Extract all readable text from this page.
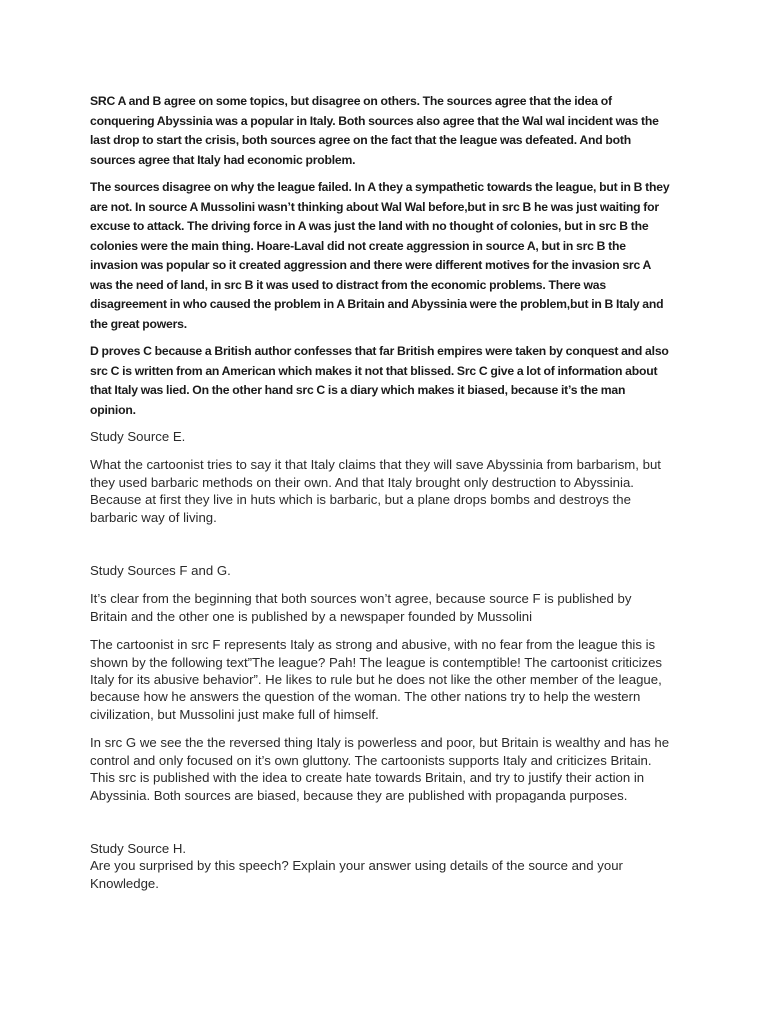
SRC A and B agree on some topics, but disagree on others. The sources agree that the idea of conquering Abyssinia was a popular in Italy. Both sources also agree that the Wal wal incident was the last drop to start the crisis, both sources agree on the fact that the league was defeated. And both sources agree that Italy had economic problem.

The sources disagree on why the league failed. In A they a sympathetic towards the league, but in B they are not. In source A Mussolini wasn’t thinking about Wal Wal before,but in src B he was just waiting for excuse to attack. The driving force in A was just the land with no thought of colonies, but in src B the colonies were the main thing. Hoare-Laval did not create aggression in source A, but in src B the invasion was popular so it created aggression and there were different motives for the invasion src A was the need of land, in src B it was used to distract from the economic problems. There was disagreement in who caused the problem in A Britain and Abyssinia were the problem,but in B Italy and the great powers.

D proves C because a British author confesses that far British empires were taken by conquest and also src C is written from an American which makes it not that blissed. Src C give a lot of information about that Italy was lied. On the other hand src C is a diary which makes it biased, because it’s the man opinion.

Study Source E.

What the cartoonist tries to say it that Italy claims that they will save Abyssinia from barbarism, but they used barbaric methods on their own. And that Italy brought only destruction to Abyssinia. Because at first they live in huts which is barbaric, but a plane drops bombs and destroys the barbaric way of living.

Study Sources F and G.

It’s clear from the beginning that both sources won’t agree, because source F is published by Britain and the other one is published by a newspaper founded by Mussolini

The cartoonist in src F represents Italy as strong and abusive, with no fear from the league this is shown by the following text”The league? Pah! The league is contemptible! The cartoonist criticizes Italy for its abusive behavior”. He likes to rule but he does not like the other member of the league, because how he answers the question of the woman. The other nations try to help the western civilization, but Mussolini just make full of himself.

In src G we see the the reversed thing Italy is powerless and poor, but Britain is wealthy and has he control and only focused on it’s own gluttony. The cartoonists supports Italy and criticizes Britain. This src is published with the idea to create hate towards Britain, and try to justify their action in Abyssinia. Both sources are biased, because they are published with propaganda purposes.

Study Source H.

Are you surprised by this speech? Explain your answer using details of the source and your Knowledge.
